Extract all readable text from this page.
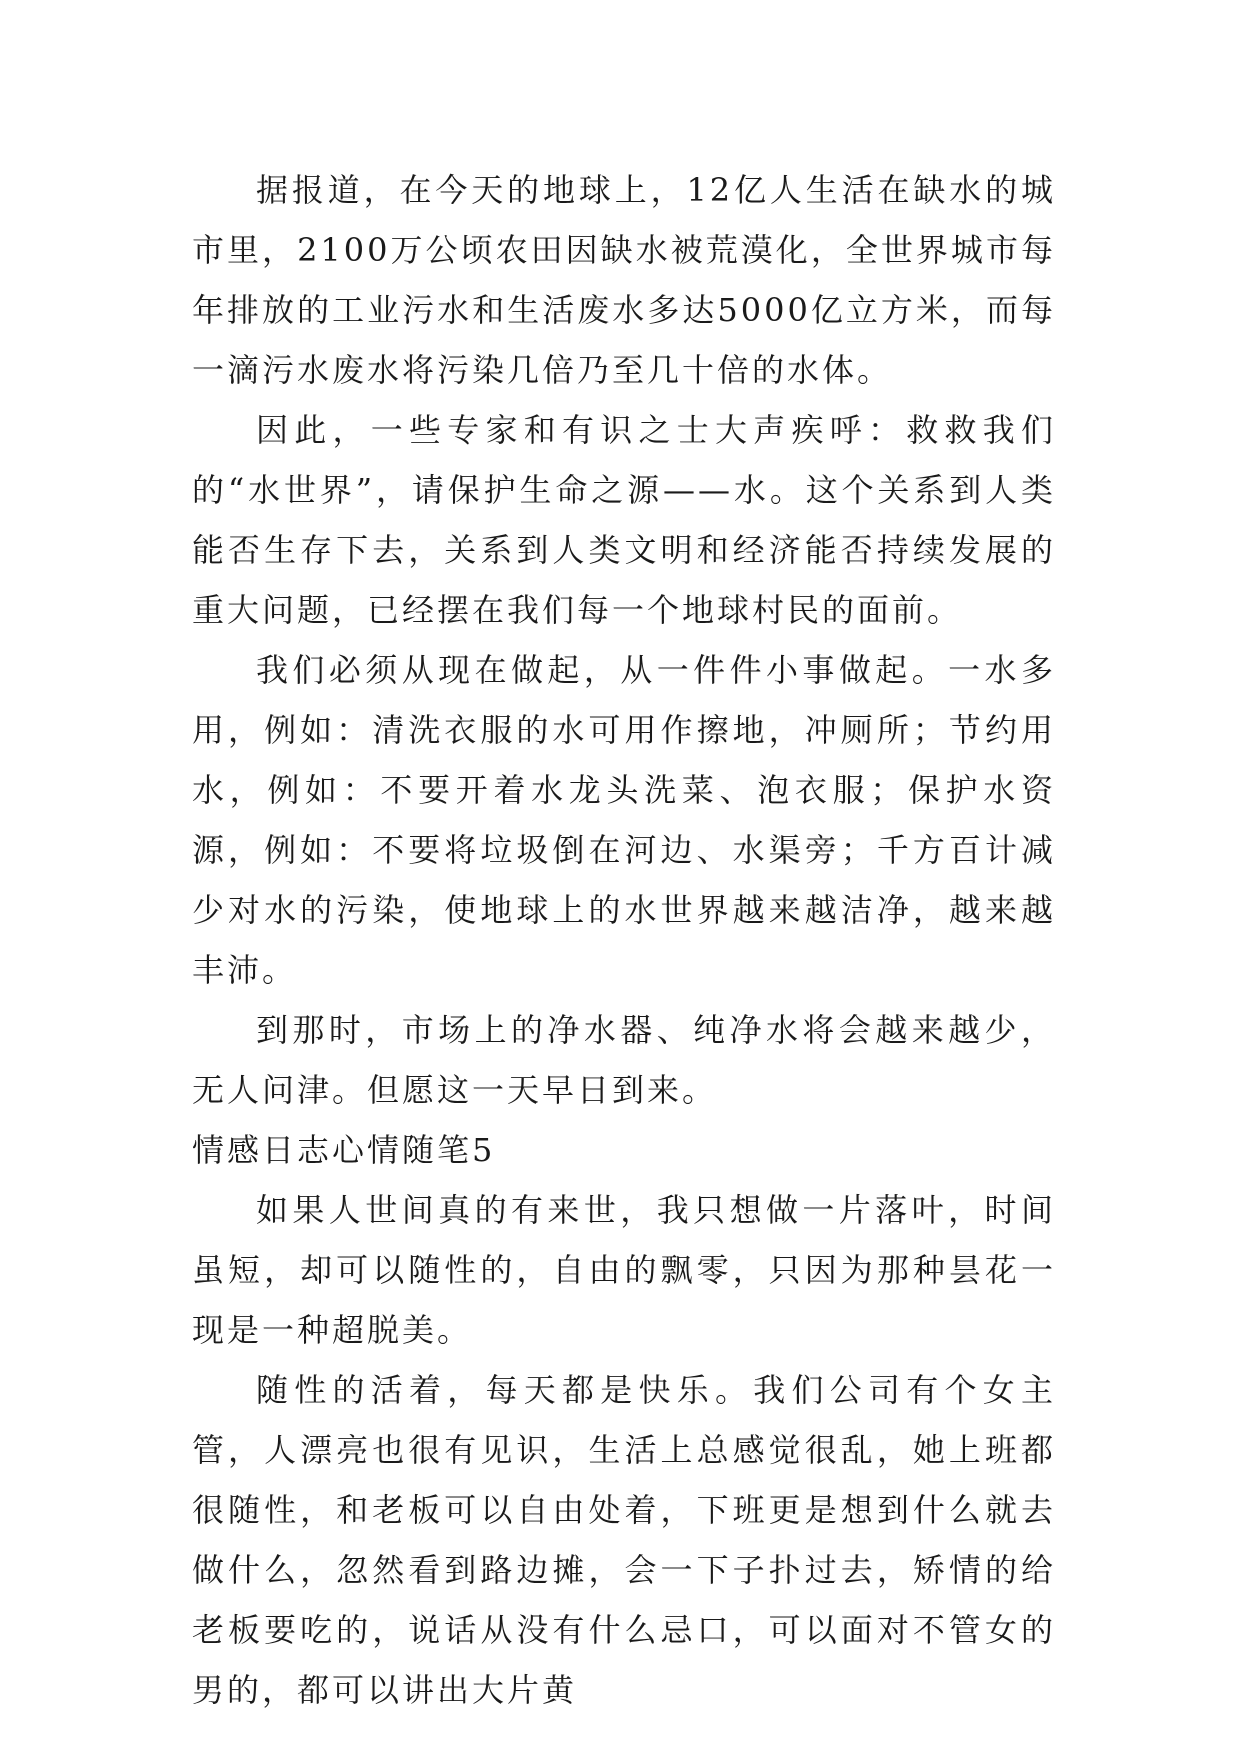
据报道，在今天的地球上，12亿人生活在缺水的城市里，2100万公顷农田因缺水被荒漠化，全世界城市每年排放的工业污水和生活废水多达5000亿立方米，而每一滴污水废水将污染几倍乃至几十倍的水体。

因此，一些专家和有识之士大声疾呼：救救我们的“水世界”，请保护生命之源——水。这个关系到人类能否生存下去，关系到人类文明和经济能否持续发展的重大问题，已经摆在我们每一个地球村民的面前。

我们必须从现在做起，从一件件小事做起。一水多用，例如：清洗衣服的水可用作擦地，冲厕所；节约用水，例如：不要开着水龙头洗菜、泡衣服；保护水资源，例如：不要将垃圾倒在河边、水渠旁；千方百计减少对水的污染，使地球上的水世界越来越洁净，越来越丰沛。

到那时，市场上的净水器、纯净水将会越来越少，无人问津。但愿这一天早日到来。

情感日志心情随笔5

如果人世间真的有来世，我只想做一片落叶，时间虽短，却可以随性的，自由的飘零，只因为那种昙花一现是一种超脱美。

随性的活着，每天都是快乐。我们公司有个女主管，人漂亮也很有见识，生活上总感觉很乱，她上班都很随性，和老板可以自由处着，下班更是想到什么就去做什么，忽然看到路边摊，会一下子扑过去，矫情的给老板要吃的，说话从没有什么忌口，可以面对不管女的男的，都可以讲出大片黄
